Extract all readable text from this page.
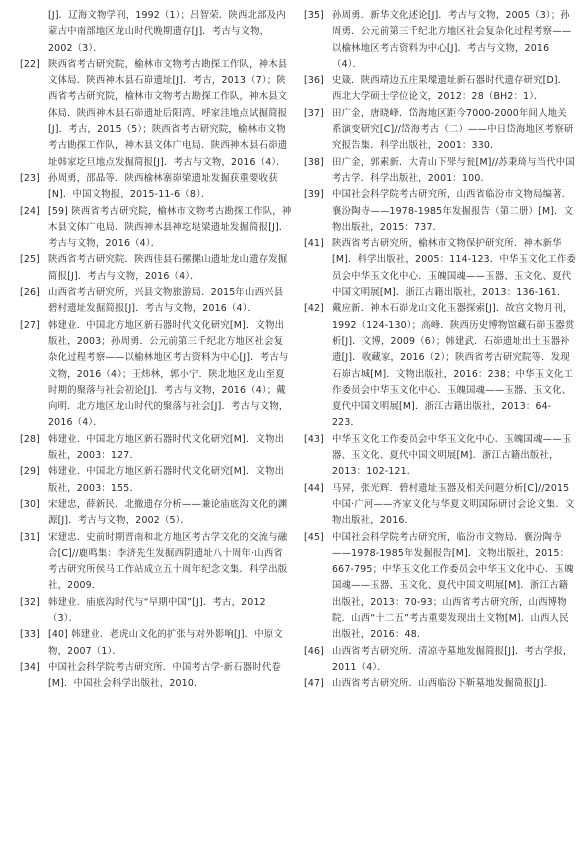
[J]．辽海文物学刊，1992（1）；吕智荣．陕西北部及内蒙古中南部地区龙山时代晚期遗存[J]．考古与文物，2002（3）．
[22] 陕西省考古研究院，榆林市文物考古勘探工作队，神木县文体局．陕西神木县石峁遗址[J]．考古，2013（7）；陕西省考古研究院，榆林市文物考古勘探工作队，神木县文体局．陕西神木县石峁遗址后阳湾、呼家洼地点试掘简报[J]．考古，2015（5）；陕西省考古研究院，榆林市文物考古勘探工作队，神木县文体广电局．陕西神木县石峁遗址韩家圪旦地点发掘简报[J]．考古与文物，2016（4）．
[23] 孙周勇，邵晶等．陕西榆林寨峁梁遗址发掘获重要收获[N]．中国文物报，2015-11-6（8）．
[24] [59] 陕西省考古研究院，榆林市文物考古勘探工作队，神木县文体广电局．陕西神木县神圪垯梁遗址发掘简报[J]．考古与文物，2016（4）．
[25] 陕西省考古研究院．陕西佳县石摞摞山遗址龙山遗存发掘简报[J]．考古与文物，2016（4）．
[26] 山西省考古研究所，兴县文物旅游局．2015年山西兴县碧村遗址发掘简报[J]．考古与文物，2016（4）．
[27] 韩建业．中国北方地区新石器时代文化研究[M]．文物出版社，2003；孙周勇．公元前第三千纪北方地区社会复杂化过程考察——以榆林地区考古资料为中心[J]．考古与文物，2016（4）；王炜林，郭小宁．陕北地区龙山至夏时期的聚落与社会初论[J]．考古与文物，2016（4）；戴向明．北方地区龙山时代的聚落与社会[J]．考古与文物，2016（4）．
[28] 韩建业．中国北方地区新石器时代文化研究[M]．文物出版社，2003：127．
[29] 韩建业．中国北方地区新石器时代文化研究[M]．文物出版社，2003：155．
[30] 宋建忠，薛新民．北撤遗存分析——兼论庙底沟文化的渊源[J]．考古与文物，2002（5）．
[31] 宋建忠．史前时期晋南和北方地区考古学文化的交流与融合[C]//鹿鸣集：李济先生发掘西阴遗址八十周年·山西省考古研究所侯马工作站成立五十周年纪念文集．科学出版社，2009．
[32] 韩建业．庙底沟时代与“早期中国”[J]．考古，2012（3）．
[33] [40] 韩建业．老虎山文化的扩张与对外影响[J]．中原文物，2007（1）．
[34] 中国社会科学院考古研究所．中国考古学·新石器时代卷[M]．中国社会科学出版社，2010．
[35] 孙周勇．新华文化述论[J]．考古与文物，2005（3）；孙周勇．公元前第三千纪北方地区社会复杂化过程考察——以榆林地区考古资料为中心[J]．考古与文物，2016（4）．
[36] 史箴．陕西靖边五庄果墚遗址新石器时代遗存研究[D]．西北大学硕士学位论文，2012：28（BH2：1）．
[37] 田广金，唐晓峰．岱海地区距今7000-2000年间人地关系演变研究[C]//岱海考古（二）——中日岱海地区考察研究报告集．科学出版社，2001：330．
[38] 田广金，郭素新．大青山下斝与瓮[M]//苏秉琦与当代中国考古学．科学出版社，2001：100．
[39] 中国社会科学院考古研究所，山西省临汾市文物局编著．襄汾陶寺——1978-1985年发掘报告（第二册）[M]．文物出版社，2015：737．
[41] 陕西省考古研究所，榆林市文物保护研究所．神木新华[M]．科学出版社，2005：114-123．中华玉文化工作委员会中华玉文化中心．玉魄国魂——玉器、玉文化、夏代中国文明展[M]．浙江古籍出版社，2013：136-161．
[42] 戴应新．神木石峁龙山文化玉器探索[J]．故宫文物月刊，1992（124-130）；高峰．陕西历史博物馆藏石峁玉器赏析[J]．文博，2009（6）；韩建武．石峁遗址出土玉器补遗[J]．收藏家，2016（2）；陕西省考古研究院等．发现石峁古城[M]．文物出版社，2016：238；中华玉文化工作委员会中华玉文化中心．玉魄国魂——玉器、玉文化、夏代中国文明展[M]．浙江古籍出版社，2013：64-223．
[43] 中华玉文化工作委员会中华玉文化中心．玉魄国魂——玉器、玉文化、夏代中国文明展[M]．浙江古籍出版社，2013：102-121．
[44] 马昇，张光辉．碧村遗址玉器及相关问题分析[C]//2015中国·广河——齐家文化与华夏文明国际研讨会论文集．文物出版社，2016．
[45] 中国社会科学院考古研究所，临汾市文物局．襄汾陶寺——1978-1985年发掘报告[M]．文物出版社，2015：667-795；中华玉文化工作委员会中华玉文化中心．玉魄国魂——玉器、玉文化、夏代中国文明展[M]．浙江古籍出版社，2013：70-93；山西省考古研究所，山西博物院．山西“十二五”考古重要发现出土文物[M]．山西人民出版社，2016：48．
[46] 山西省考古研究所．清凉寺墓地发掘简报[J]．考古学报，2011（4）．
[47] 山西省考古研究所．山西临汾下靳墓地发掘简报[J]．
